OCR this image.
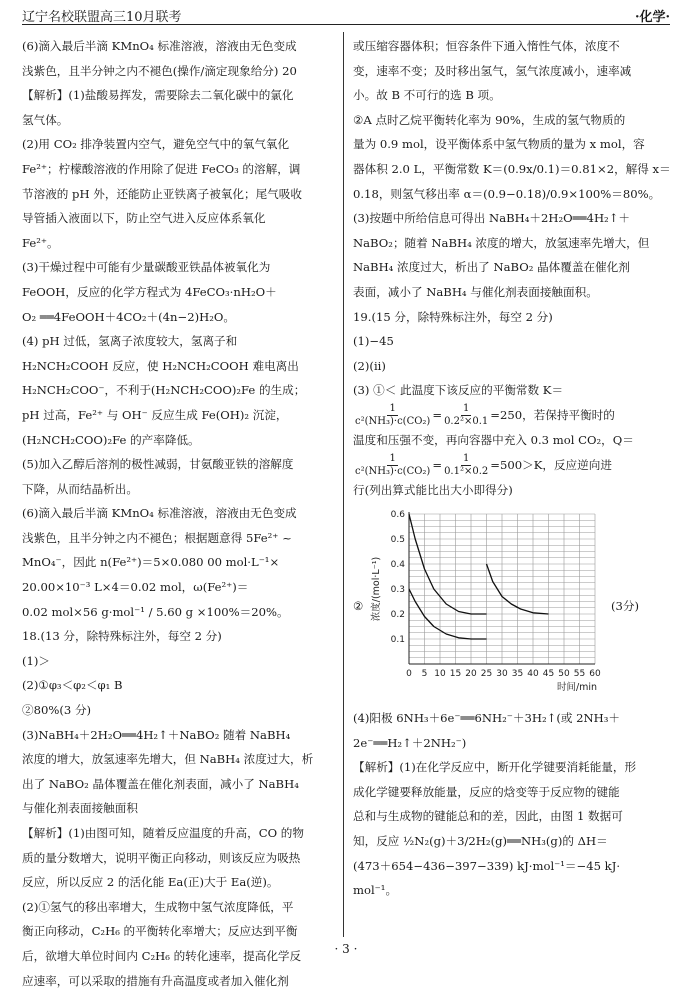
辽宁名校联盟高三10月联考	·化学·

(6)滴入最后半滴 KMnO₄ 标准溶液，溶液由无色变成

浅紫色，且半分钟之内不褪色(操作/滴定现象给分) 20

【解析】(1)盐酸易挥发，需要除去二氧化碳中的氯化

氢气体。

(2)用 CO₂ 排净装置内空气，避免空气中的氧气氧化

Fe²⁺；柠檬酸溶液的作用除了促进 FeCO₃ 的溶解，调

节溶液的 pH 外，还能防止亚铁离子被氧化；尾气吸收

导管插入液面以下，防止空气进入反应体系氧化

Fe²⁺。

(3)干燥过程中可能有少量碳酸亚铁晶体被氧化为

FeOOH，反应的化学方程式为 4FeCO₃·nH₂O＋

O₂ ══4FeOOH＋4CO₂＋(4n−2)H₂O。

(4) pH 过低，氢离子浓度较大，氢离子和

H₂NCH₂COOH 反应，使 H₂NCH₂COOH 难电离出

H₂NCH₂COO⁻，不利于(H₂NCH₂COO)₂Fe 的生成；

pH 过高，Fe²⁺ 与 OH⁻ 反应生成 Fe(OH)₂ 沉淀，

(H₂NCH₂COO)₂Fe 的产率降低。

(5)加入乙醇后溶剂的极性减弱，甘氨酸亚铁的溶解度

下降，从而结晶析出。

(6)滴入最后半滴 KMnO₄ 标准溶液，溶液由无色变成

浅紫色，且半分钟之内不褪色；根据题意得 5Fe²⁺ ~

MnO₄⁻，因此 n(Fe²⁺)＝5×0.080 00 mol·L⁻¹×

20.00×10⁻³ L×4＝0.02 mol，ω(Fe²⁺)＝

0.02 mol×56 g·mol⁻¹ / 5.60 g ×100%＝20%。

18.(13 分，除特殊标注外，每空 2 分)

(1)＞

(2)①φ₃＜φ₂＜φ₁ B

②80%(3 分)

(3)NaBH₄＋2H₂O══4H₂↑＋NaBO₂ 随着 NaBH₄

浓度的增大，放氢速率先增大，但 NaBH₄ 浓度过大，析

出了 NaBO₂ 晶体覆盖在催化剂表面，减小了 NaBH₄

与催化剂表面接触面积

【解析】(1)由图可知，随着反应温度的升高，CO 的物

质的量分数增大，说明平衡正向移动，则该反应为吸热

反应，所以反应 2 的活化能 Ea(正)大于 Ea(逆)。

(2)①氢气的移出率增大，生成物中氢气浓度降低，平

衡正向移动，C₂H₆ 的平衡转化率增大；反应达到平衡

后，欲增大单位时间内 C₂H₆ 的转化速率，提高化学反

应速率，可以采取的措施有升高温度或者加入催化剂

或压缩容器体积；恒容条件下通入惰性气体，浓度不

变，速率不变；及时移出氢气，氢气浓度减小，速率减

小。故 B 不可行的选 B 项。

②A 点时乙烷平衡转化率为 90%，生成的氢气物质的

量为 0.9 mol，设平衡体系中氢气物质的量为 x mol，容

器体积 2.0 L，平衡常数 K＝(0.9x/0.1)＝0.81×2，解得 x＝

0.18，则氢气移出率 α＝(0.9−0.18)/0.9×100%＝80%。

(3)按题中所给信息可得出 NaBH₄＋2H₂O══4H₂↑＋

NaBO₂；随着 NaBH₄ 浓度的增大，放氢速率先增大，但

NaBH₄ 浓度过大，析出了 NaBO₂ 晶体覆盖在催化剂

表面，减小了 NaBH₄ 与催化剂表面接触面积。

19.(15 分，除特殊标注外，每空 2 分)

(1)−45

(2)(ii)

(3) ①＜ 此温度下该反应的平衡常数 K＝

$\frac{1}{\text{c²(NH₃)·c(CO₂)}} = \frac{1}{\text{0.2²×0.1}} =250$，若保持平衡时的

温度和压强不变，再向容器中充入 0.3 mol CO₂，Q＝

$\frac{1}{\text{c²(NH₃)·c(CO₂)}} = \frac{1}{\text{0.1²×0.2}} =500>K$，反应逆向进

行(列出算式能比出大小即得分)

②
0 5 10 15 20 25 30 35 40 45 50 55 60
0.1
0.2
0.3
0.4
0.5
0.6
时间/min
浓度/(mol·L⁻¹)	(3分)

(4)阳极 6NH₃＋6e⁻══6NH₂⁻＋3H₂↑(或 2NH₃＋

2e⁻══H₂↑＋2NH₂⁻)

【解析】(1)在化学反应中，断开化学键要消耗能量，形

成化学键要释放能量，反应的焓变等于反应物的键能

总和与生成物的键能总和的差，因此，由图 1 数据可

知，反应 ½N₂(g)＋3/2H₂(g)══NH₃(g)的 ΔH＝

(473＋654−436−397−339) kJ·mol⁻¹＝−45 kJ·

mol⁻¹。

· 3 ·
